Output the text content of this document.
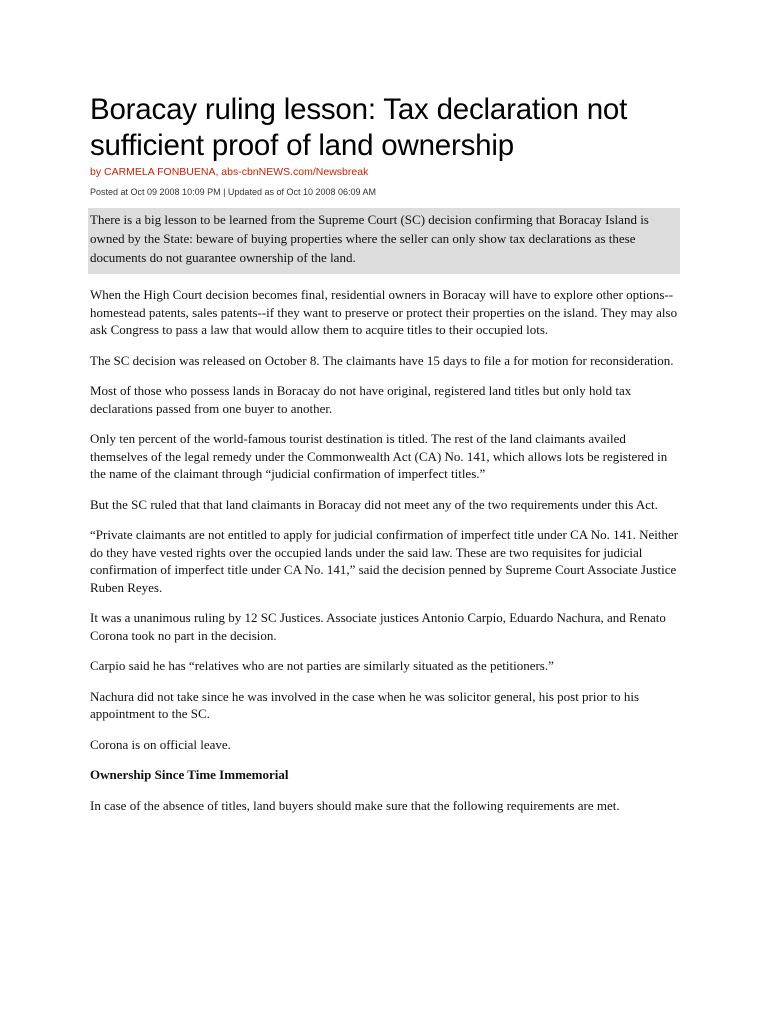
Boracay ruling lesson: Tax declaration not sufficient proof of land ownership

by CARMELA FONBUENA, abs-cbnNEWS.com/Newsbreak

Posted at Oct 09 2008 10:09 PM | Updated as of Oct 10 2008 06:09 AM

There is a big lesson to be learned from the Supreme Court (SC) decision confirming that Boracay Island is owned by the State: beware of buying properties where the seller can only show tax declarations as these documents do not guarantee ownership of the land.

When the High Court decision becomes final, residential owners in Boracay will have to explore other options--homestead patents, sales patents--if they want to preserve or protect their properties on the island. They may also ask Congress to pass a law that would allow them to acquire titles to their occupied lots.

The SC decision was released on October 8. The claimants have 15 days to file a for motion for reconsideration.

Most of those who possess lands in Boracay do not have original, registered land titles but only hold tax declarations passed from one buyer to another.

Only ten percent of the world-famous tourist destination is titled. The rest of the land claimants availed themselves of the legal remedy under the Commonwealth Act (CA) No. 141, which allows lots be registered in the name of the claimant through “judicial confirmation of imperfect titles.”

But the SC ruled that that land claimants in Boracay did not meet any of the two requirements under this Act.

“Private claimants are not entitled to apply for judicial confirmation of imperfect title under CA No. 141. Neither do they have vested rights over the occupied lands under the said law. These are two requisites for judicial confirmation of imperfect title under CA No. 141,” said the decision penned by Supreme Court Associate Justice Ruben Reyes.

It was a unanimous ruling by 12 SC Justices. Associate justices Antonio Carpio, Eduardo Nachura, and Renato Corona took no part in the decision.

Carpio said he has “relatives who are not parties are similarly situated as the petitioners.”

Nachura did not take since he was involved in the case when he was solicitor general, his post prior to his appointment to the SC.

Corona is on official leave.

Ownership Since Time Immemorial

In case of the absence of titles, land buyers should make sure that the following requirements are met.
